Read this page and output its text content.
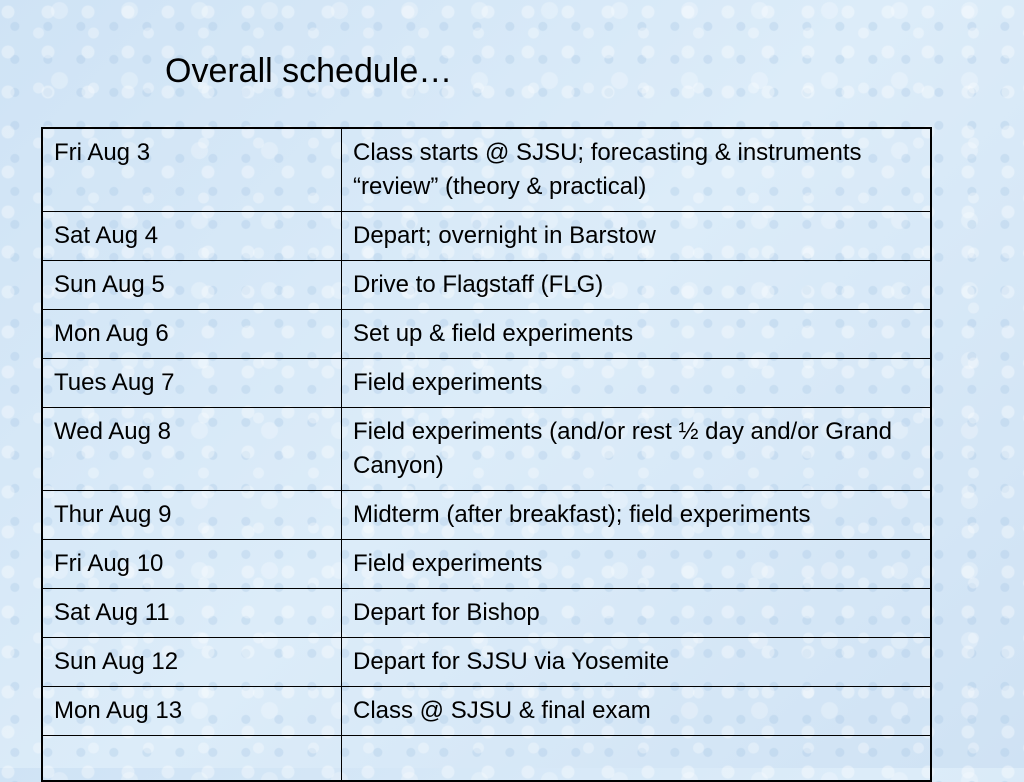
Overall schedule…
Fri Aug 3	Class starts @ SJSU; forecasting & instruments “review” (theory & practical)
Sat Aug 4	Depart; overnight in Barstow
Sun Aug 5	Drive to Flagstaff (FLG)
Mon Aug 6	Set up & field experiments
Tues Aug 7	Field experiments
Wed Aug 8	Field experiments (and/or rest ½ day and/or Grand Canyon)
Thur Aug 9	Midterm (after breakfast); field experiments
Fri Aug 10	Field experiments
Sat Aug 11	Depart for Bishop
Sun Aug 12	Depart for SJSU via Yosemite
Mon Aug 13	Class @ SJSU & final exam
